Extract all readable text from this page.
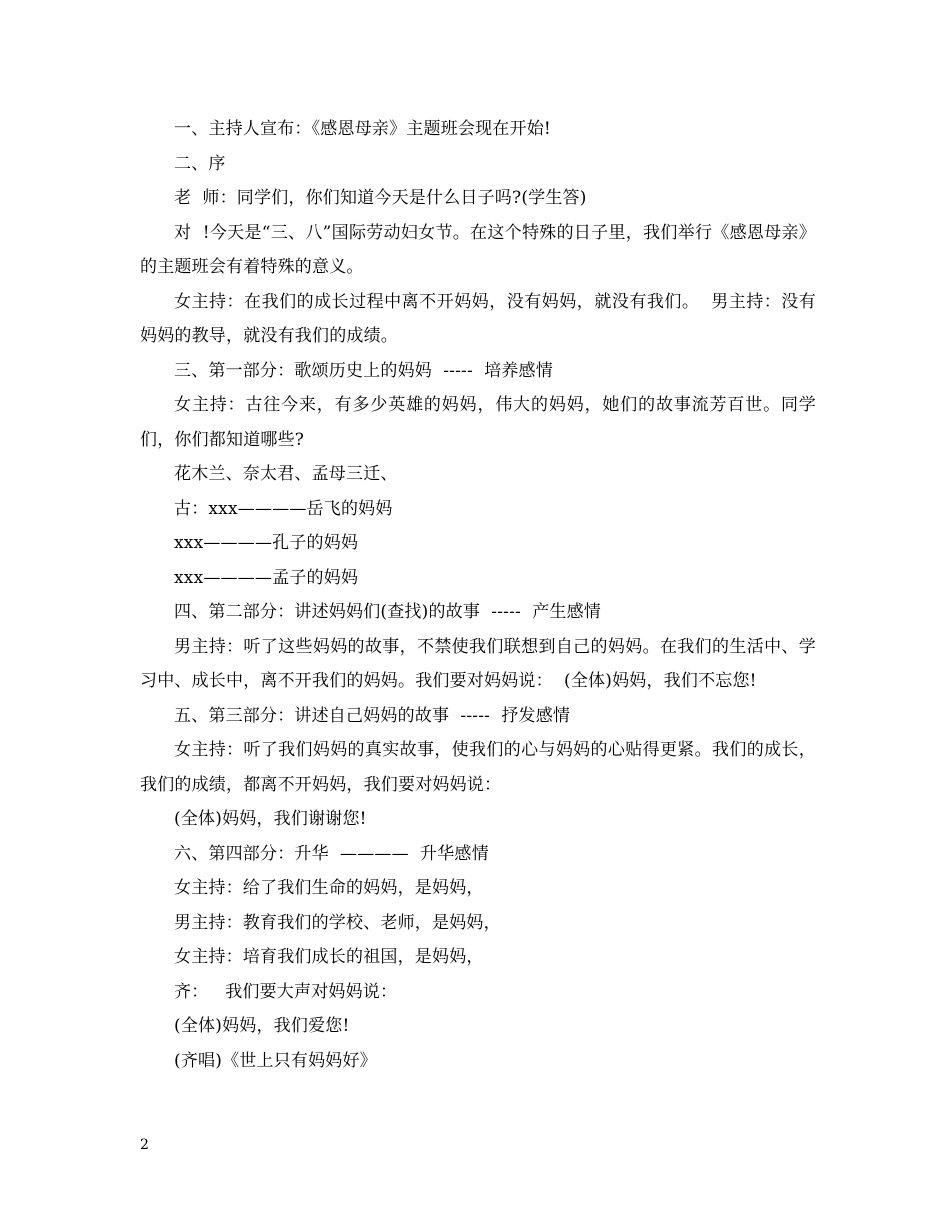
一、主持人宣布：《感恩母亲》主题班会现在开始!

二、序

老  师：同学们，你们知道今天是什么日子吗?(学生答)

对  !今天是“三、八”国际劳动妇女节。在这个特殊的日子里，我们举行《感恩母亲》的主题班会有着特殊的意义。

女主持：在我们的成长过程中离不开妈妈，没有妈妈，就没有我们。  男主持：没有妈妈的教导，就没有我们的成绩。

三、第一部分：歌颂历史上的妈妈  -----  培养感情

女主持：古往今来，有多少英雄的妈妈，伟大的妈妈，她们的故事流芳百世。同学们，你们都知道哪些?

花木兰、奈太君、孟母三迁、

古：xxx————岳飞的妈妈

xxx————孔子的妈妈

xxx————孟子的妈妈

四、第二部分：讲述妈妈们(查找)的故事  -----  产生感情

男主持：听了这些妈妈的故事，不禁使我们联想到自己的妈妈。在我们的生活中、学习中、成长中，离不开我们的妈妈。我们要对妈妈说：  (全体)妈妈，我们不忘您!

五、第三部分：讲述自己妈妈的故事  -----  抒发感情

女主持：听了我们妈妈的真实故事，使我们的心与妈妈的心贴得更紧。我们的成长，我们的成绩，都离不开妈妈，我们要对妈妈说：

(全体)妈妈，我们谢谢您!

六、第四部分：升华  ————  升华感情

女主持：给了我们生命的妈妈，是妈妈，

男主持：教育我们的学校、老师，是妈妈，

女主持：培育我们成长的祖国，是妈妈，

齐：   我们要大声对妈妈说：

(全体)妈妈，我们爱您!

(齐唱)《世上只有妈妈好》

2
